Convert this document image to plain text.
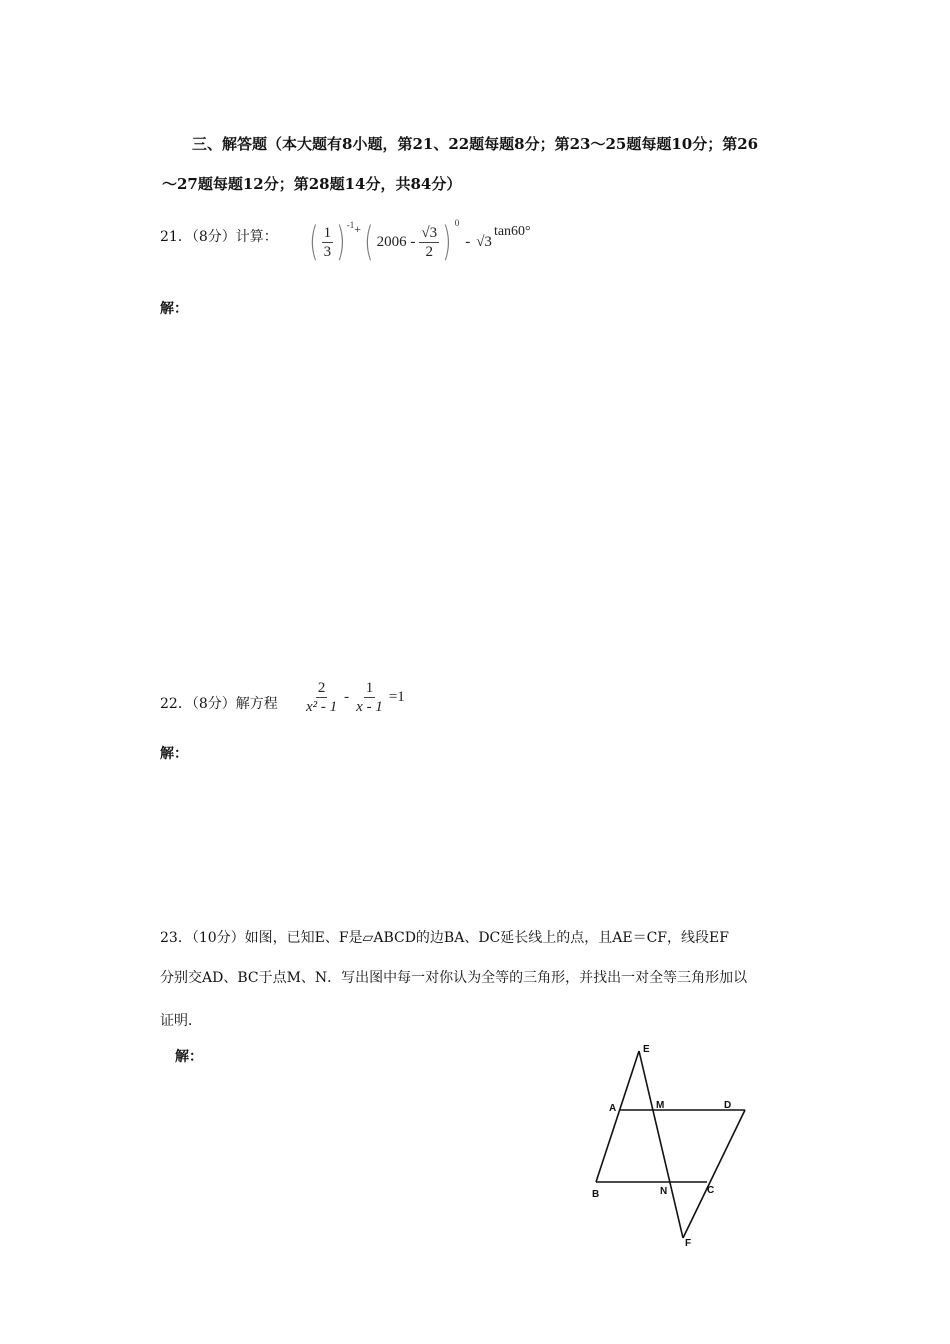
三、解答题（本大题有8小题，第21、22题每题8分；第23～25题每题10分；第26
～27题每题12分；第28题14分，共84分）
21．（8分）计算： ( $\frac{1}{3}$ ) -1 + ( $2006 - \frac{√3}{2}$ ) 0
- √3
tan60°
解：
22．（8分）解方程 $\frac{2}{\text{x² - 1}} - \frac{1}{x - 1} =1$
解：
23．（10分）如图，已知E、F是▱ABCD的边BA、DC延长线上的点，且AE＝CF，线段EF
分别交AD、BC于点M、N．写出图中每一对你认为全等的三角形，并找出一对全等三角形加以
证明．
解：	E
A	M	D
B	N	C
F
